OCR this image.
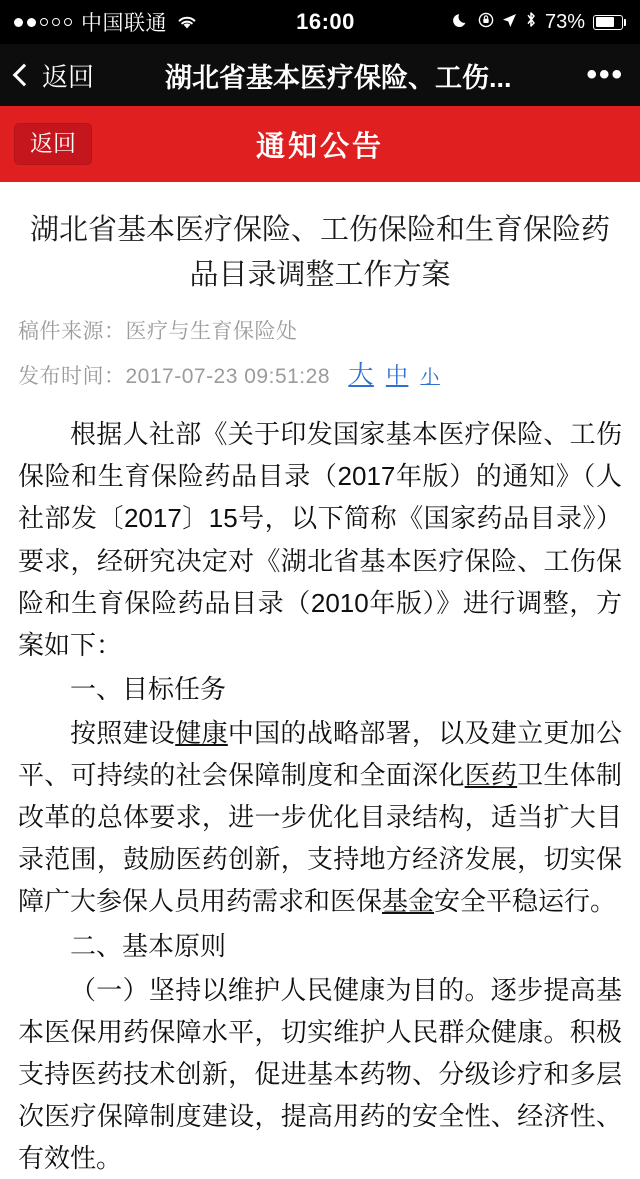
中国联通	16:00	73%
返回	湖北省基本医疗保险、工伤...	•••
返回	通知公告
湖北省基本医疗保险、工伤保险和生育保险药品目录调整工作方案
稿件来源：医疗与生育保险处
发布时间：2017-07-23 09:51:28 大 中 小

根据人社部《关于印发国家基本医疗保险、工伤保险和生育保险药品目录（2017年版）的通知》（人社部发〔2017〕15号，以下简称《国家药品目录》）要求，经研究决定对《湖北省基本医疗保险、工伤保险和生育保险药品目录（2010年版）》进行调整，方案如下：

一、目标任务

按照建设健康中国的战略部署，以及建立更加公平、可持续的社会保障制度和全面深化医药卫生体制改革的总体要求，进一步优化目录结构，适当扩大目录范围，鼓励医药创新，支持地方经济发展，切实保障广大参保人员用药需求和医保基金安全平稳运行。

二、基本原则

（一）坚持以维护人民健康为目的。逐步提高基本医保用药保障水平，切实维护人民群众健康。积极支持医药技术创新，促进基本药物、分级诊疗和多层次医疗保障制度建设，提高用药的安全性、经济性、有效性。
